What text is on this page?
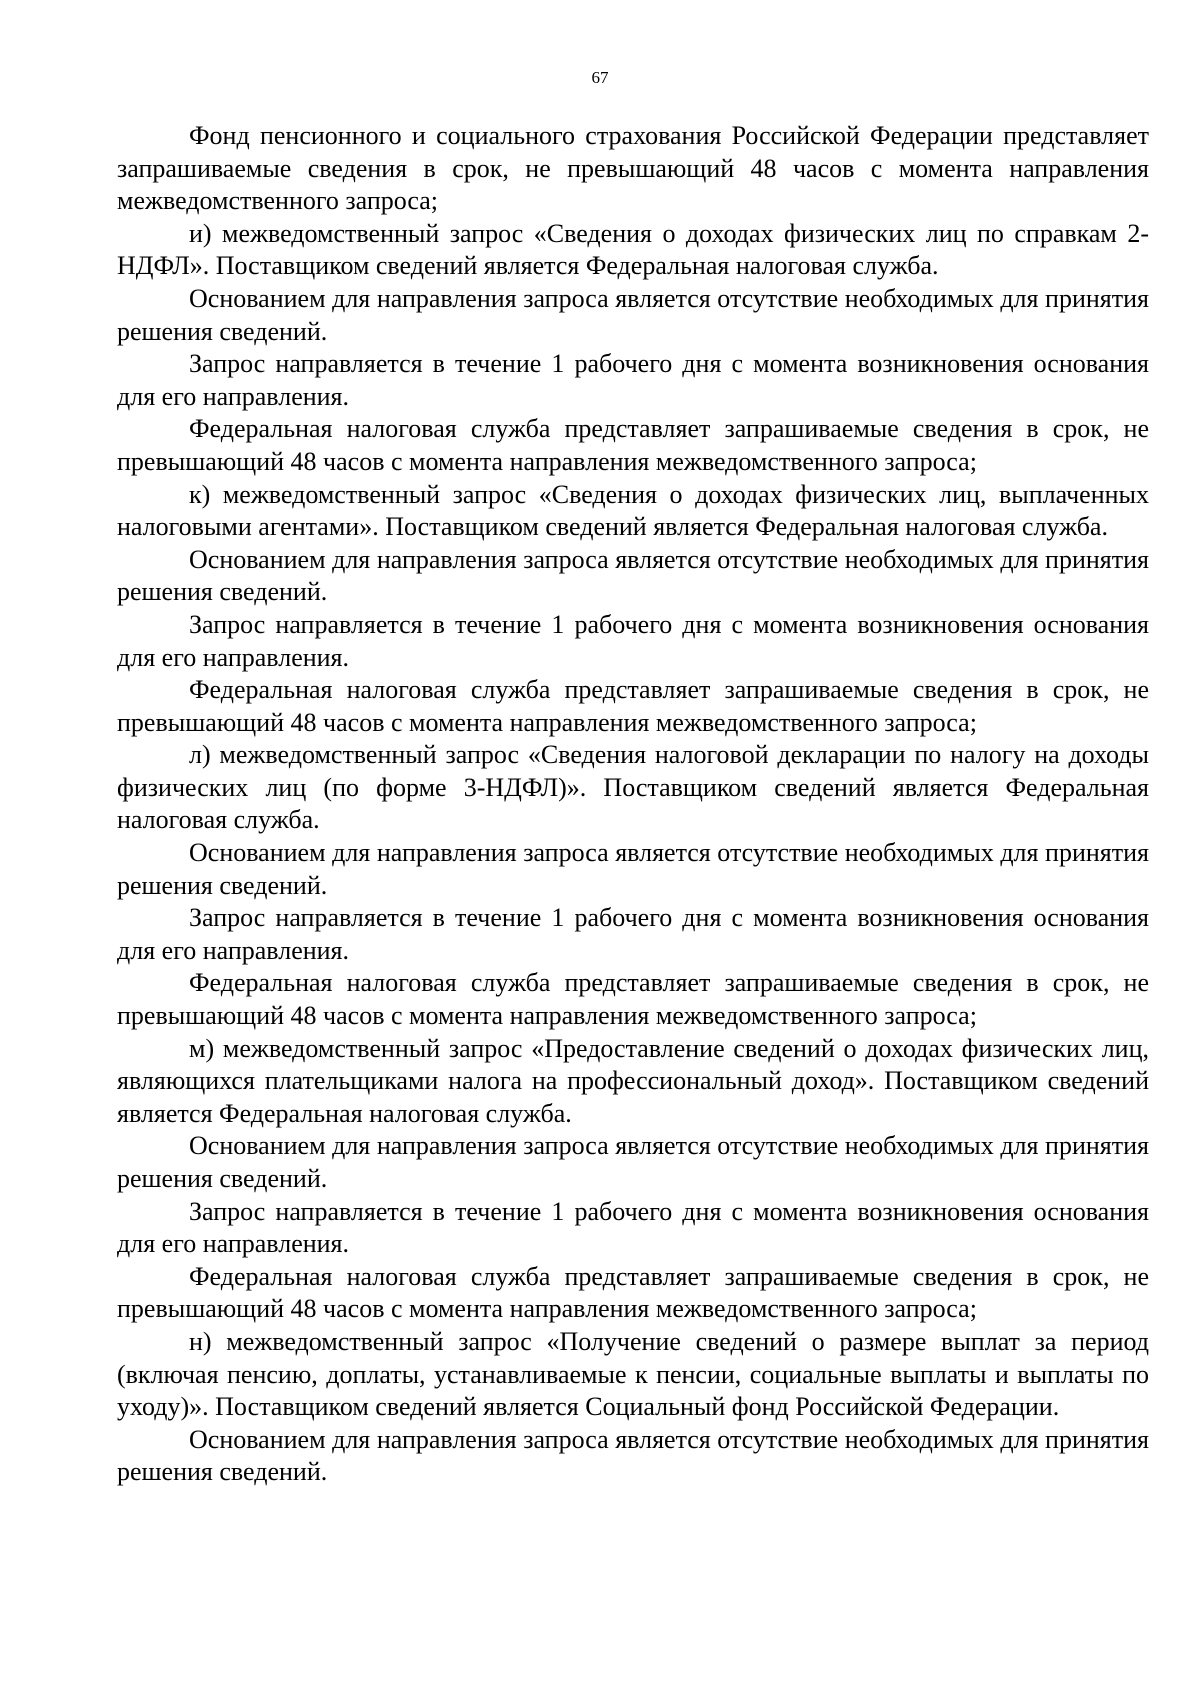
67

Фонд пенсионного и социального страхования Российской Федерации представляет запрашиваемые сведения в срок, не превышающий 48 часов с момента направления межведомственного запроса;

и) межведомственный запрос «Сведения о доходах физических лиц по справкам 2-НДФЛ». Поставщиком сведений является Федеральная налоговая служба.

Основанием для направления запроса является отсутствие необходимых для принятия решения сведений.

Запрос направляется в течение 1 рабочего дня с момента возникновения основания для его направления.

Федеральная налоговая служба представляет запрашиваемые сведения в срок, не превышающий 48 часов с момента направления межведомственного запроса;

к) межведомственный запрос «Сведения о доходах физических лиц, выплаченных налоговыми агентами». Поставщиком сведений является Федеральная налоговая служба.

Основанием для направления запроса является отсутствие необходимых для принятия решения сведений.

Запрос направляется в течение 1 рабочего дня с момента возникновения основания для его направления.

Федеральная налоговая служба представляет запрашиваемые сведения в срок, не превышающий 48 часов с момента направления межведомственного запроса;

л) межведомственный запрос «Сведения налоговой декларации по налогу на доходы физических лиц (по форме 3-НДФЛ)». Поставщиком сведений является Федеральная налоговая служба.

Основанием для направления запроса является отсутствие необходимых для принятия решения сведений.

Запрос направляется в течение 1 рабочего дня с момента возникновения основания для его направления.

Федеральная налоговая служба представляет запрашиваемые сведения в срок, не превышающий 48 часов с момента направления межведомственного запроса;

м) межведомственный запрос «Предоставление сведений о доходах физических лиц, являющихся плательщиками налога на профессиональный доход». Поставщиком сведений является Федеральная налоговая служба.

Основанием для направления запроса является отсутствие необходимых для принятия решения сведений.

Запрос направляется в течение 1 рабочего дня с момента возникновения основания для его направления.

Федеральная налоговая служба представляет запрашиваемые сведения в срок, не превышающий 48 часов с момента направления межведомственного запроса;

н) межведомственный запрос «Получение сведений о размере выплат за период (включая пенсию, доплаты, устанавливаемые к пенсии, социальные выплаты и выплаты по уходу)». Поставщиком сведений является Социальный фонд Российской Федерации.

Основанием для направления запроса является отсутствие необходимых для принятия решения сведений.
